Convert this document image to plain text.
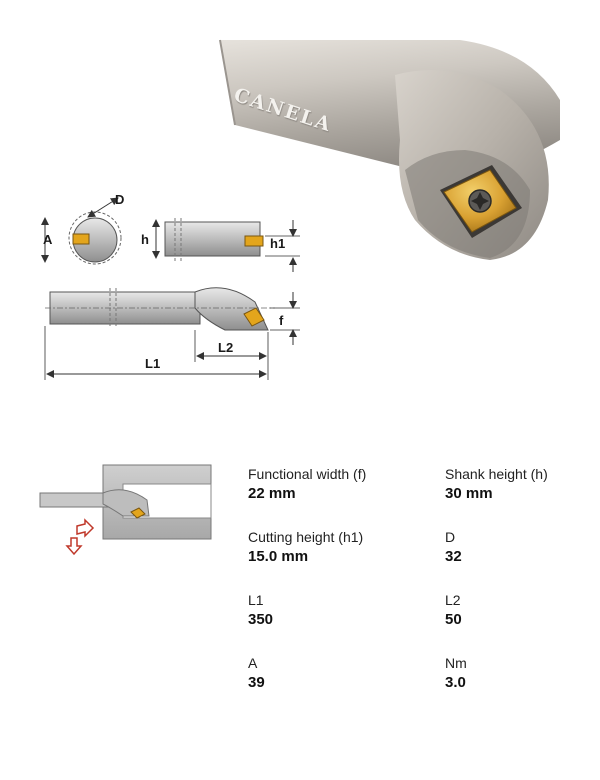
CANELA
A
D
h	h1
f
L2
L1
Functional width (f)
22 mm
Shank height (h)
30 mm
Cutting height (h1)
15.0 mm
D
32
L1
350
L2
50
A
39
Nm
3.0
